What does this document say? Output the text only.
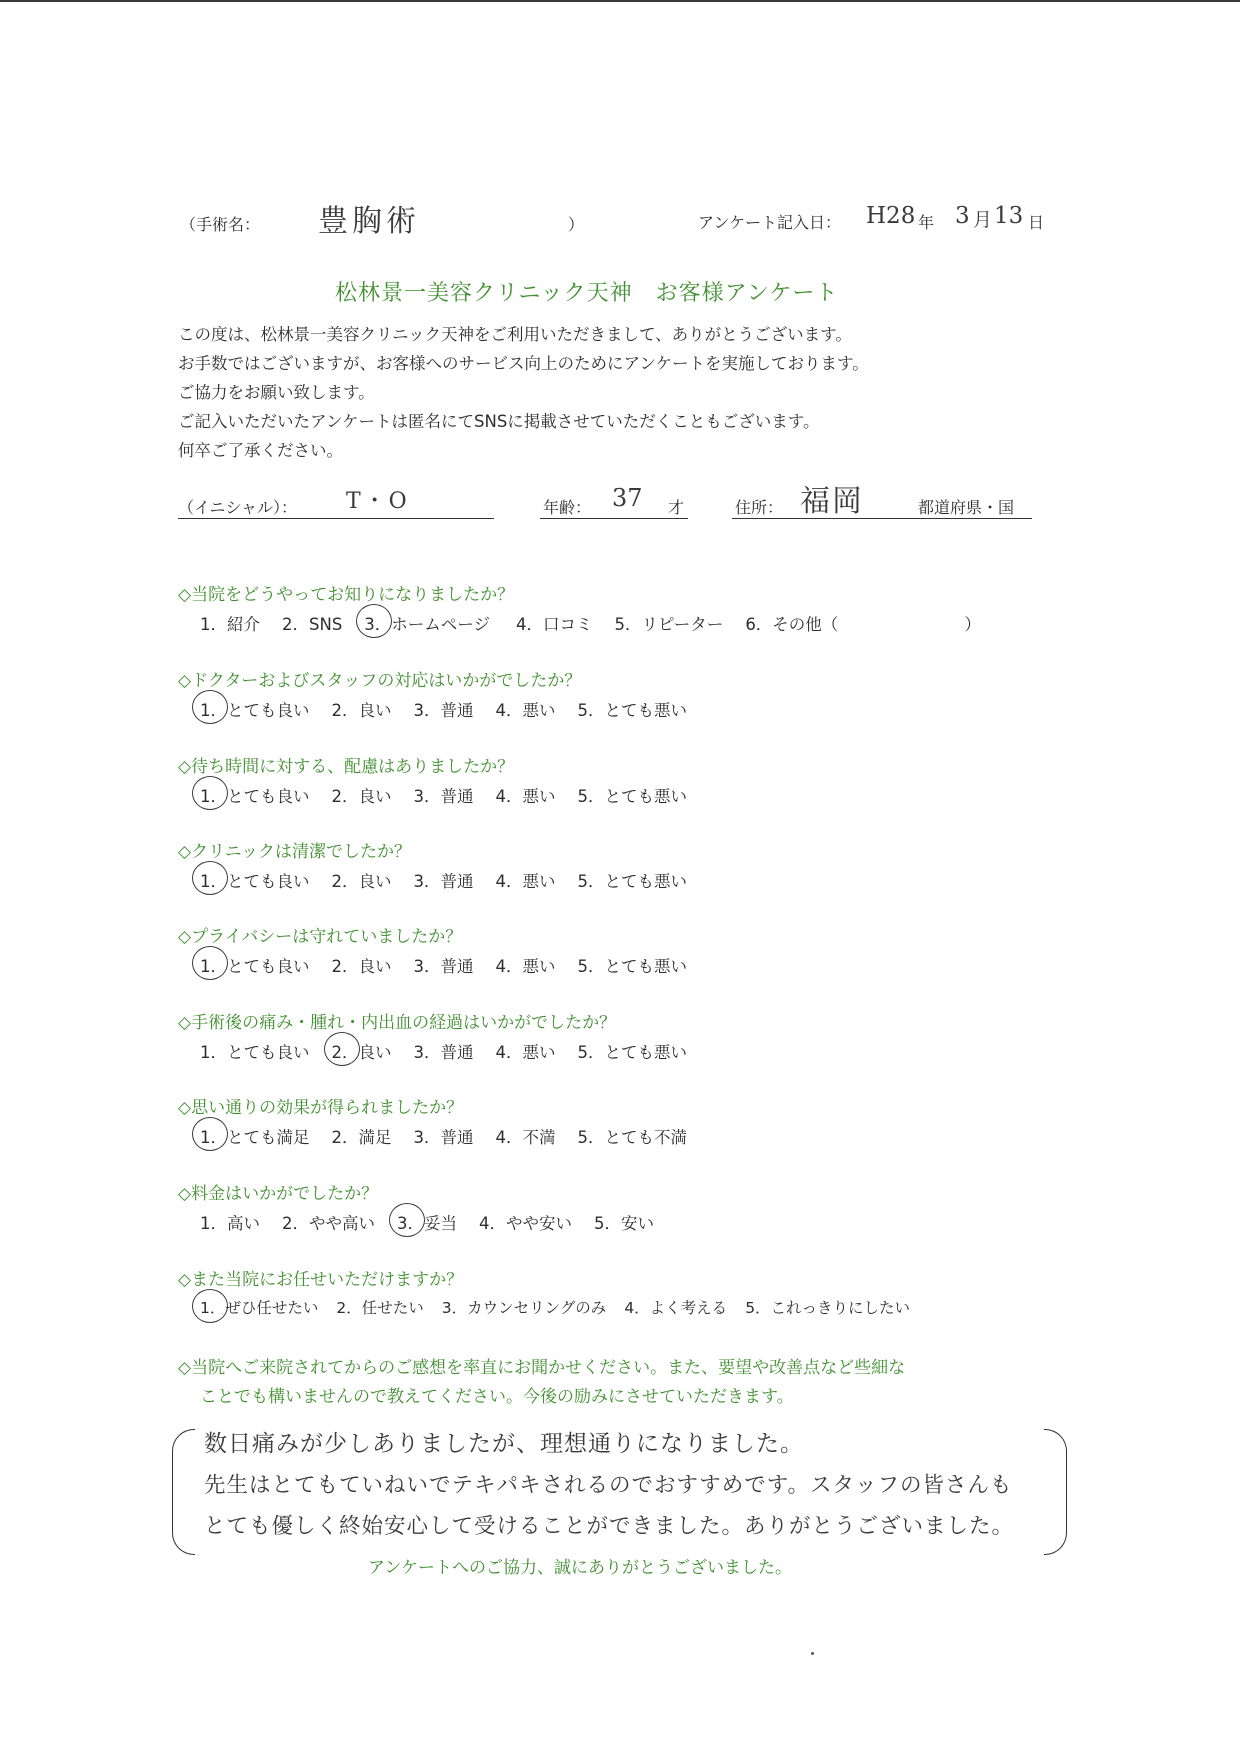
（手術名： 豊胸術	）	アンケート記入日： H28 年 3 月 13 日
松林景一美容クリニック天神　お客様アンケート
この度は、松林景一美容クリニック天神をご利用いただきまして、ありがとうございます。
お手数ではございますが、お客様へのサービス向上のためにアンケートを実施しております。
ご協力をお願い致します。
ご記入いただいたアンケートは匿名にてSNSに掲載させていただくこともございます。
何卒ご了承ください。
（イニシャル）： T・O	年齢： 37 才	住所： 福岡	都道府県・国
◇当院をどうやってお知りになりましたか？
1．紹介 2．SNS 3．ホームページ 4．口コミ 5．リピーター 6．その他（	）
◇ドクターおよびスタッフの対応はいかがでしたか？
1．とても良い 2．良い 3．普通 4．悪い 5．とても悪い
◇待ち時間に対する、配慮はありましたか？
1．とても良い 2．良い 3．普通 4．悪い 5．とても悪い
◇クリニックは清潔でしたか？
1．とても良い 2．良い 3．普通 4．悪い 5．とても悪い
◇プライバシーは守れていましたか？
1．とても良い 2．良い 3．普通 4．悪い 5．とても悪い
◇手術後の痛み・腫れ・内出血の経過はいかがでしたか？
1．とても良い 2．良い 3．普通 4．悪い 5．とても悪い
◇思い通りの効果が得られましたか？
1．とても満足 2．満足 3．普通 4．不満 5．とても不満
◇料金はいかがでしたか？
1．高い 2．やや高い 3．妥当 4．やや安い 5．安い
◇また当院にお任せいただけますか？
1．ぜひ任せたい 2．任せたい 3．カウンセリングのみ 4．よく考える 5．これっきりにしたい
◇当院へご来院されてからのご感想を率直にお聞かせください。また、要望や改善点など些細な
ことでも構いませんので教えてください。今後の励みにさせていただきます。
数日痛みが少しありましたが、理想通りになりました。
先生はとてもていねいでテキパキされるのでおすすめです。スタッフの皆さんも
とても優しく終始安心して受けることができました。ありがとうございました。
アンケートへのご協力、誠にありがとうございました。
